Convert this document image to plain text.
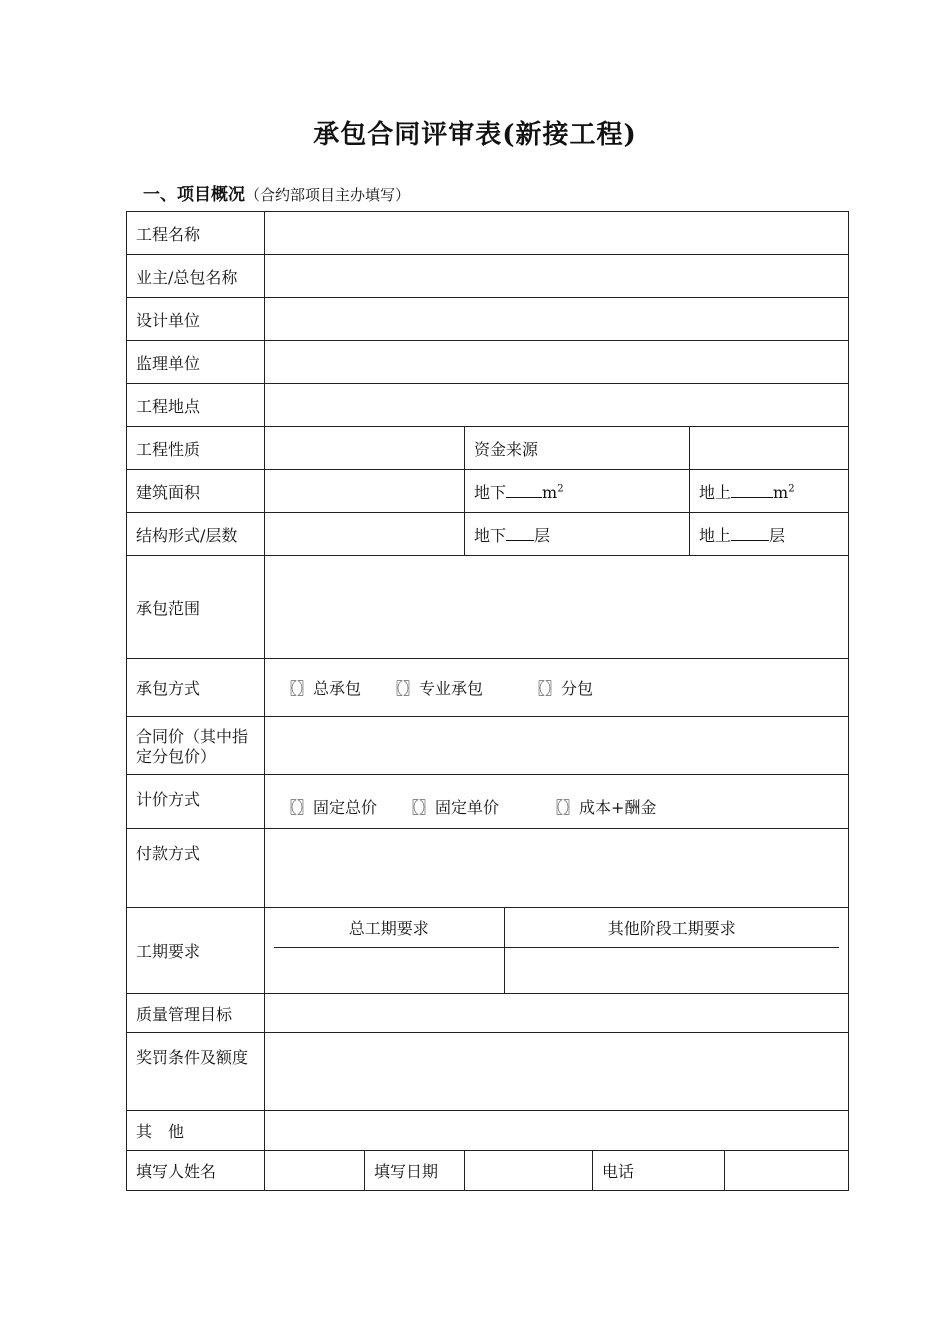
承包合同评审表(新接工程)
一、项目概况（合约部项目主办填写）
工程名称	
业主/总包名称	
设计单位	
监理单位	
工程地点	
工程性质		资金来源	
建筑面积		地下 $m^2$	地上	$m^2$
结构形式/层数		地下 层	地上 层
承包范围	
承包方式	〖〗总承包 〖〗专业承包	〖〗分包
合同价（其中指定分包价）	
计价方式	〖〗固定总价 〖〗固定单价	〖〗成本+酬金
付款方式	
工期要求	
总工期要求	其他阶段工期要求

质量管理目标	
奖罚条件及额度	
其　他	
填写人姓名		填写日期		电话	
